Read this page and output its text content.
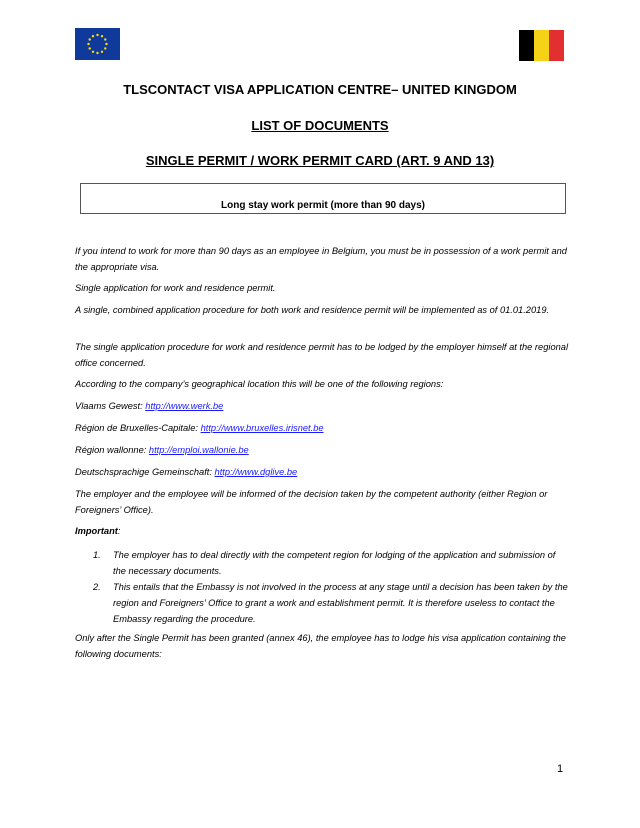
TLSCONTACT VISA APPLICATION CENTRE– UNITED KINGDOM
LIST OF DOCUMENTS
SINGLE PERMIT / WORK PERMIT CARD (ART. 9 AND 13)
Long stay work permit (more than 90 days)

If you intend to work for more than 90 days as an employee in Belgium, you must be in possession of a work permit and the appropriate visa.

Single application for work and residence permit.

A single, combined application procedure for both work and residence permit will be implemented as of 01.01.2019.

The single application procedure for work and residence permit has to be lodged by the employer himself at the regional office concerned.

According to the company’s geographical location this will be one of the following regions:

Vlaams Gewest: http://www.werk.be

Région de Bruxelles-Capitale: http://www.bruxelles.irisnet.be

Région wallonne: http://emploi.wallonie.be

Deutschsprachige Gemeinschaft: http://www.dglive.be

The employer and the employee will be informed of the decision taken by the competent authority (either Region or Foreigners’ Office).

Important:

1. The employer has to deal directly with the competent region for lodging of the application and submission of the necessary documents.
2. This entails that the Embassy is not involved in the process at any stage until a decision has been taken by the region and Foreigners’ Office to grant a work and establishment permit. It is therefore useless to contact the Embassy regarding the procedure.

Only after the Single Permit has been granted (annex 46), the employee has to lodge his visa application containing the following documents:

1
